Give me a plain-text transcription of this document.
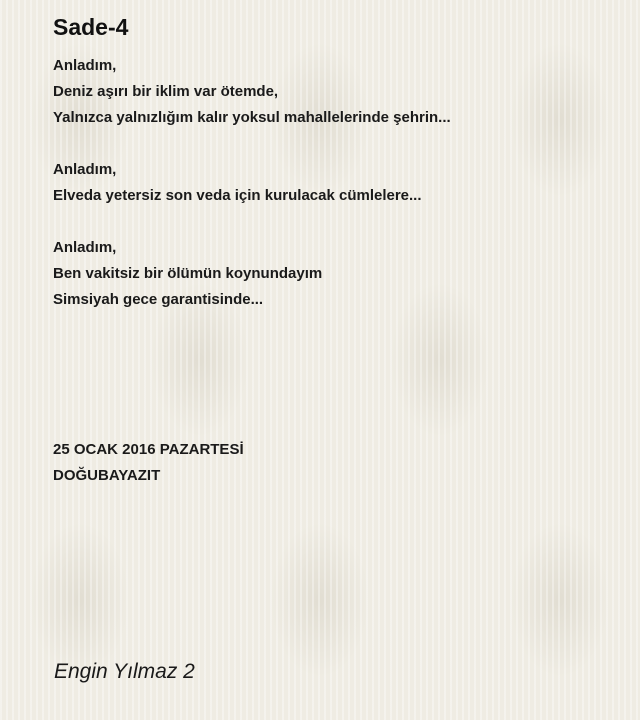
Sade-4
Anladım,
Deniz aşırı bir iklim var ötemde,
Yalnızca yalnızlığım kalır yoksul mahallelerinde şehrin...
Anladım,
Elveda yetersiz son veda için kurulacak cümlelere...
Anladım,
Ben vakitsiz bir ölümün koynundayım
Simsiyah gece garantisinde...
25 OCAK 2016 PAZARTESİ
DOĞUBAYAZIT
Engin Yılmaz 2
